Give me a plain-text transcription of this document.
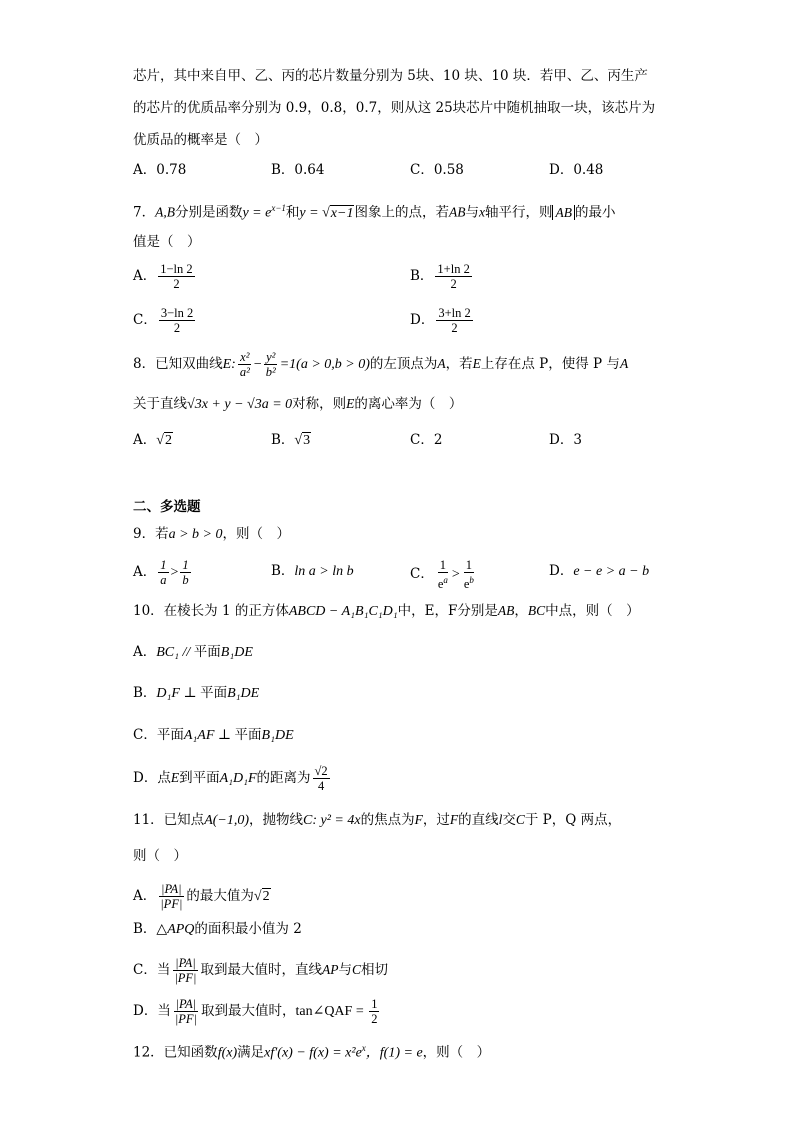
芯片，其中来自甲、乙、丙的芯片数量分别为 5块、10 块、10 块．若甲、乙、丙生产
的芯片的优质品率分别为 0.9，0.8，0.7，则从这 25块芯片中随机抽取一块，该芯片为
优质品的概率是（　）
A．0.78	B．0.64	C．0.58	D．0.48
7．A,B分别是函数$y = e^{x-1}$和y = √x−1图象上的点，若AB与x轴平行，则 AB 的最小
值是（　）
A． $\frac{1-\ln 2}{2}$	B． $\frac{1+\ln 2}{2}$
C． $\frac{3-\ln 2}{2}$	D． $\frac{3+\ln 2}{2}$
8．已知双曲线E: $\frac{\text{x²}}{\text{a²}} - \frac{\text{y²}}{\text{b²}} =1(a > 0,b > 0)$的左顶点为A，若E上存在点 P，使得 P 与A
关于直线√3x + y − √3a = 0对称，则E的离心率为（　）
A．√2	B．√3	C．2	D．3
二、多选题
9．若a > b > 0，则（　）
A． $\frac{1}{a} > \frac{1}{b}$	B．ln a > ln b	C． $\frac{1}{e^a} > \frac{1}{e^b}$	D．e − e > a − b
10．在棱长为 1 的正方体ABCD − A₁B₁C₁D₁中，E，F分别是AB，BC中点，则（　）
A．BC₁ // 平面B₁DE
B．D₁F ⊥ 平面B₁DE
C．平面A₁AF ⊥ 平面B₁DE
D．点E到平面A₁D₁F的距离为 $\frac{√2}{4}$
11．已知点A(−1,0)，抛物线C: y² = 4x的焦点为F，过F的直线l交C于 P，Q 两点，
则（　）
A． $\frac{|PA|}{|PF|}$ 的最大值为√2
B．△APQ的面积最小值为 2
C．当 $\frac{|PA|}{|PF|}$ 取到最大值时，直线AP与C相切
D．当 $\frac{|PA|}{|PF|}$ 取到最大值时，tan∠QAF = $\frac{1}{2}$
12．已知函数f(x)满足$xf'(x) - f(x) = x^2e^x$，f(1) = e，则（　）
